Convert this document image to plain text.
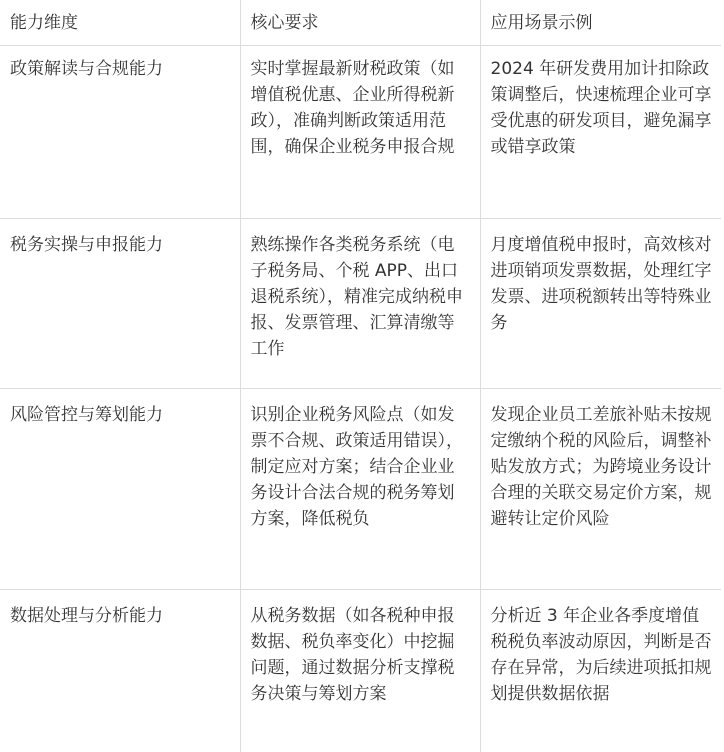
能力维度	核心要求	应用场景示例
政策解读与合规能力	实时掌握最新财税政策（如增值税优惠、企业所得税新政），准确判断政策适用范围，确保企业税务申报合规	2024 年研发费用加计扣除政策调整后，快速梳理企业可享受优惠的研发项目，避免漏享或错享政策
税务实操与申报能力	熟练操作各类税务系统（电子税务局、个税 APP、出口退税系统），精准完成纳税申报、发票管理、汇算清缴等工作	月度增值税申报时，高效核对进项销项发票数据，处理红字发票、进项税额转出等特殊业务
风险管控与筹划能力	识别企业税务风险点（如发票不合规、政策适用错误），制定应对方案；结合企业业务设计合法合规的税务筹划方案，降低税负	发现企业员工差旅补贴未按规定缴纳个税的风险后，调整补贴发放方式；为跨境业务设计合理的关联交易定价方案，规避转让定价风险
数据处理与分析能力	从税务数据（如各税种申报数据、税负率变化）中挖掘问题，通过数据分析支撑税务决策与筹划方案	分析近 3 年企业各季度增值税税负率波动原因，判断是否存在异常，为后续进项抵扣规划提供数据依据
